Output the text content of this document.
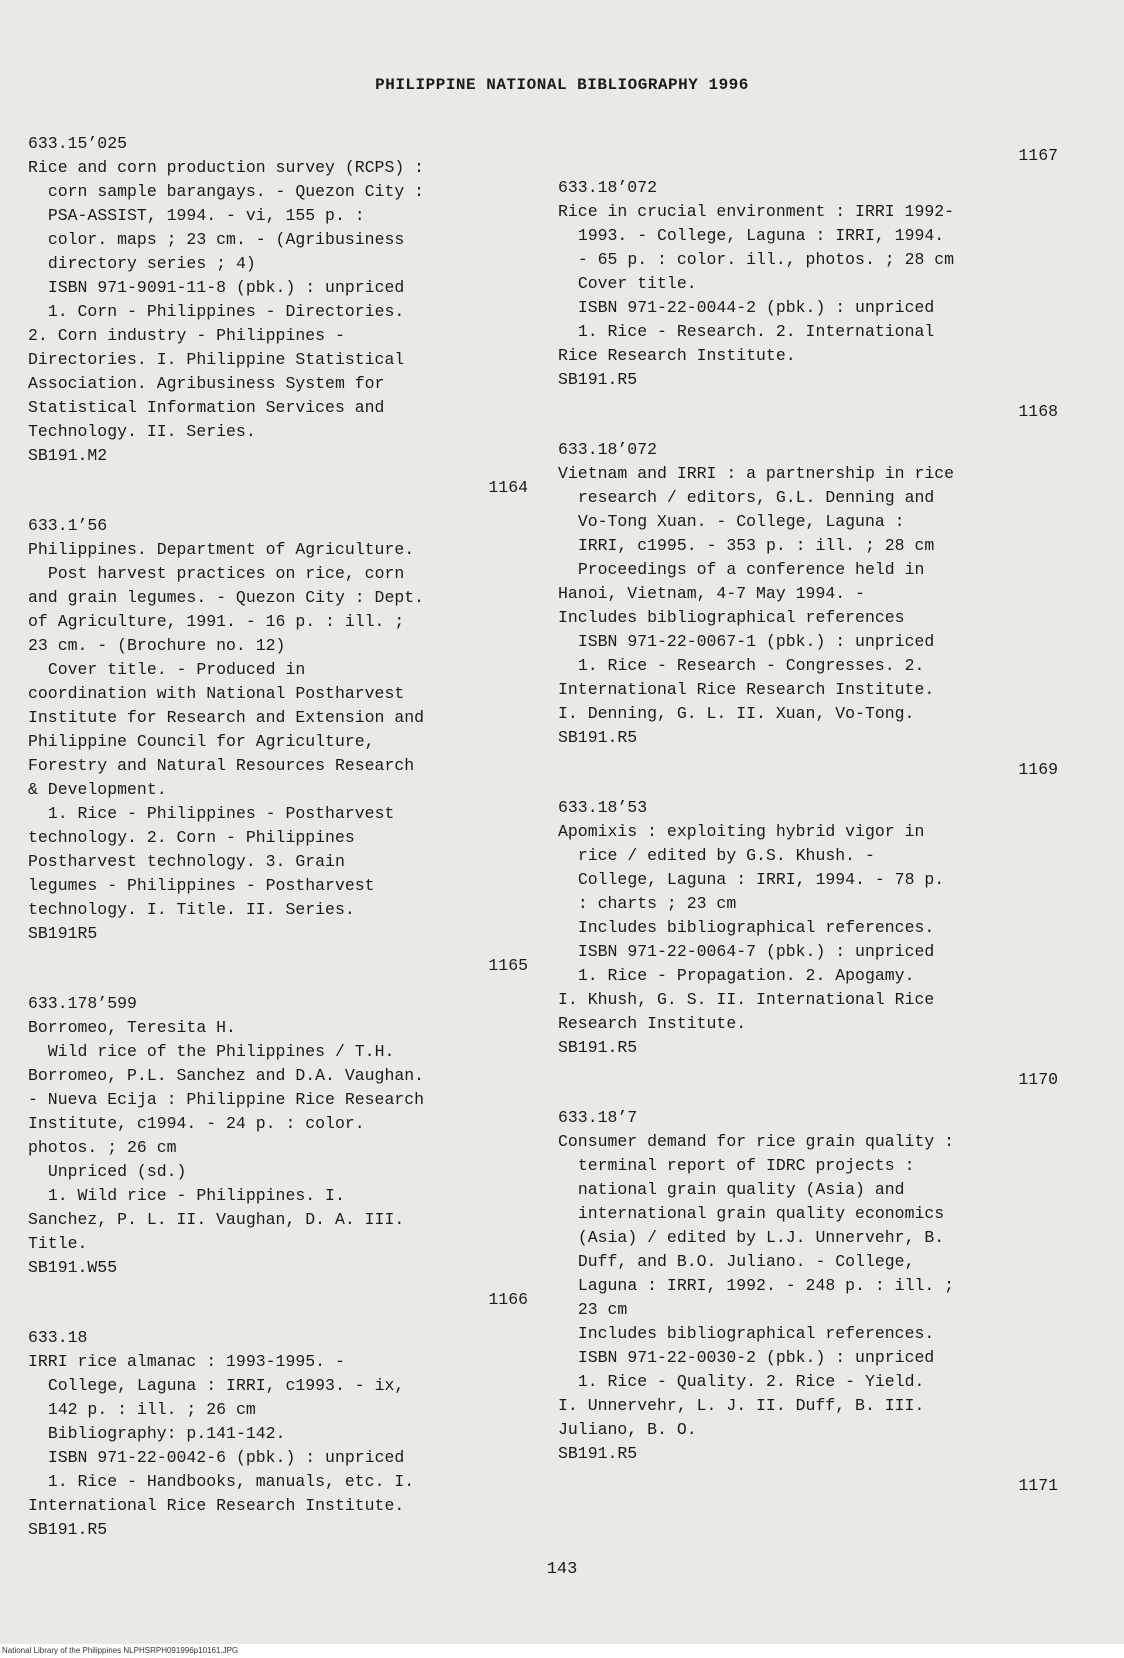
PHILIPPINE NATIONAL BIBLIOGRAPHY 1996
633.15’025
Rice and corn production survey (RCPS) :
corn sample barangays. - Quezon City :
PSA-ASSIST, 1994. - vi, 155 p. :
color. maps ; 23 cm. - (Agribusiness
directory series ; 4)
ISBN 971-9091-11-8 (pbk.) : unpriced
1. Corn - Philippines - Directories.
2. Corn industry - Philippines -
Directories. I. Philippine Statistical
Association. Agribusiness System for
Statistical Information Services and
Technology. II. Series.
SB191.M2
1164
633.1’56
Philippines. Department of Agriculture.
Post harvest practices on rice, corn
and grain legumes. - Quezon City : Dept.
of Agriculture, 1991. - 16 p. : ill. ;
23 cm. - (Brochure no. 12)
Cover title. - Produced in
coordination with National Postharvest
Institute for Research and Extension and
Philippine Council for Agriculture,
Forestry and Natural Resources Research
& Development.
1. Rice - Philippines - Postharvest
technology. 2. Corn - Philippines
Postharvest technology. 3. Grain
legumes - Philippines - Postharvest
technology. I. Title. II. Series.
SB191R5
1165
633.178’599
Borromeo, Teresita H.
Wild rice of the Philippines / T.H.
Borromeo, P.L. Sanchez and D.A. Vaughan.
- Nueva Ecija : Philippine Rice Research
Institute, c1994. - 24 p. : color.
photos. ; 26 cm
Unpriced (sd.)
1. Wild rice - Philippines. I.
Sanchez, P. L. II. Vaughan, D. A. III.
Title.
SB191.W55
1166
633.18
IRRI rice almanac : 1993-1995. -
College, Laguna : IRRI, c1993. - ix,
142 p. : ill. ; 26 cm
Bibliography: p.141-142.
ISBN 971-22-0042-6 (pbk.) : unpriced
1. Rice - Handbooks, manuals, etc. I.
International Rice Research Institute.
SB191.R5
1167
633.18’072
Rice in crucial environment : IRRI 1992-
1993. - College, Laguna : IRRI, 1994.
- 65 p. : color. ill., photos. ; 28 cm
Cover title.
ISBN 971-22-0044-2 (pbk.) : unpriced
1. Rice - Research. 2. International
Rice Research Institute.
SB191.R5
1168
633.18’072
Vietnam and IRRI : a partnership in rice
research / editors, G.L. Denning and
Vo-Tong Xuan. - College, Laguna :
IRRI, c1995. - 353 p. : ill. ; 28 cm
Proceedings of a conference held in
Hanoi, Vietnam, 4-7 May 1994. -
Includes bibliographical references
ISBN 971-22-0067-1 (pbk.) : unpriced
1. Rice - Research - Congresses. 2.
International Rice Research Institute.
I. Denning, G. L. II. Xuan, Vo-Tong.
SB191.R5
1169
633.18’53
Apomixis : exploiting hybrid vigor in
rice / edited by G.S. Khush. -
College, Laguna : IRRI, 1994. - 78 p.
: charts ; 23 cm
Includes bibliographical references.
ISBN 971-22-0064-7 (pbk.) : unpriced
1. Rice - Propagation. 2. Apogamy.
I. Khush, G. S. II. International Rice
Research Institute.
SB191.R5
1170
633.18’7
Consumer demand for rice grain quality :
terminal report of IDRC projects :
national grain quality (Asia) and
international grain quality economics
(Asia) / edited by L.J. Unnervehr, B.
Duff, and B.O. Juliano. - College,
Laguna : IRRI, 1992. - 248 p. : ill. ;
23 cm
Includes bibliographical references.
ISBN 971-22-0030-2 (pbk.) : unpriced
1. Rice - Quality. 2. Rice - Yield.
I. Unnervehr, L. J. II. Duff, B. III.
Juliano, B. O.
SB191.R5
1171
143
National Library of the Philippines NLPHSRPH091996p10161.JPG
